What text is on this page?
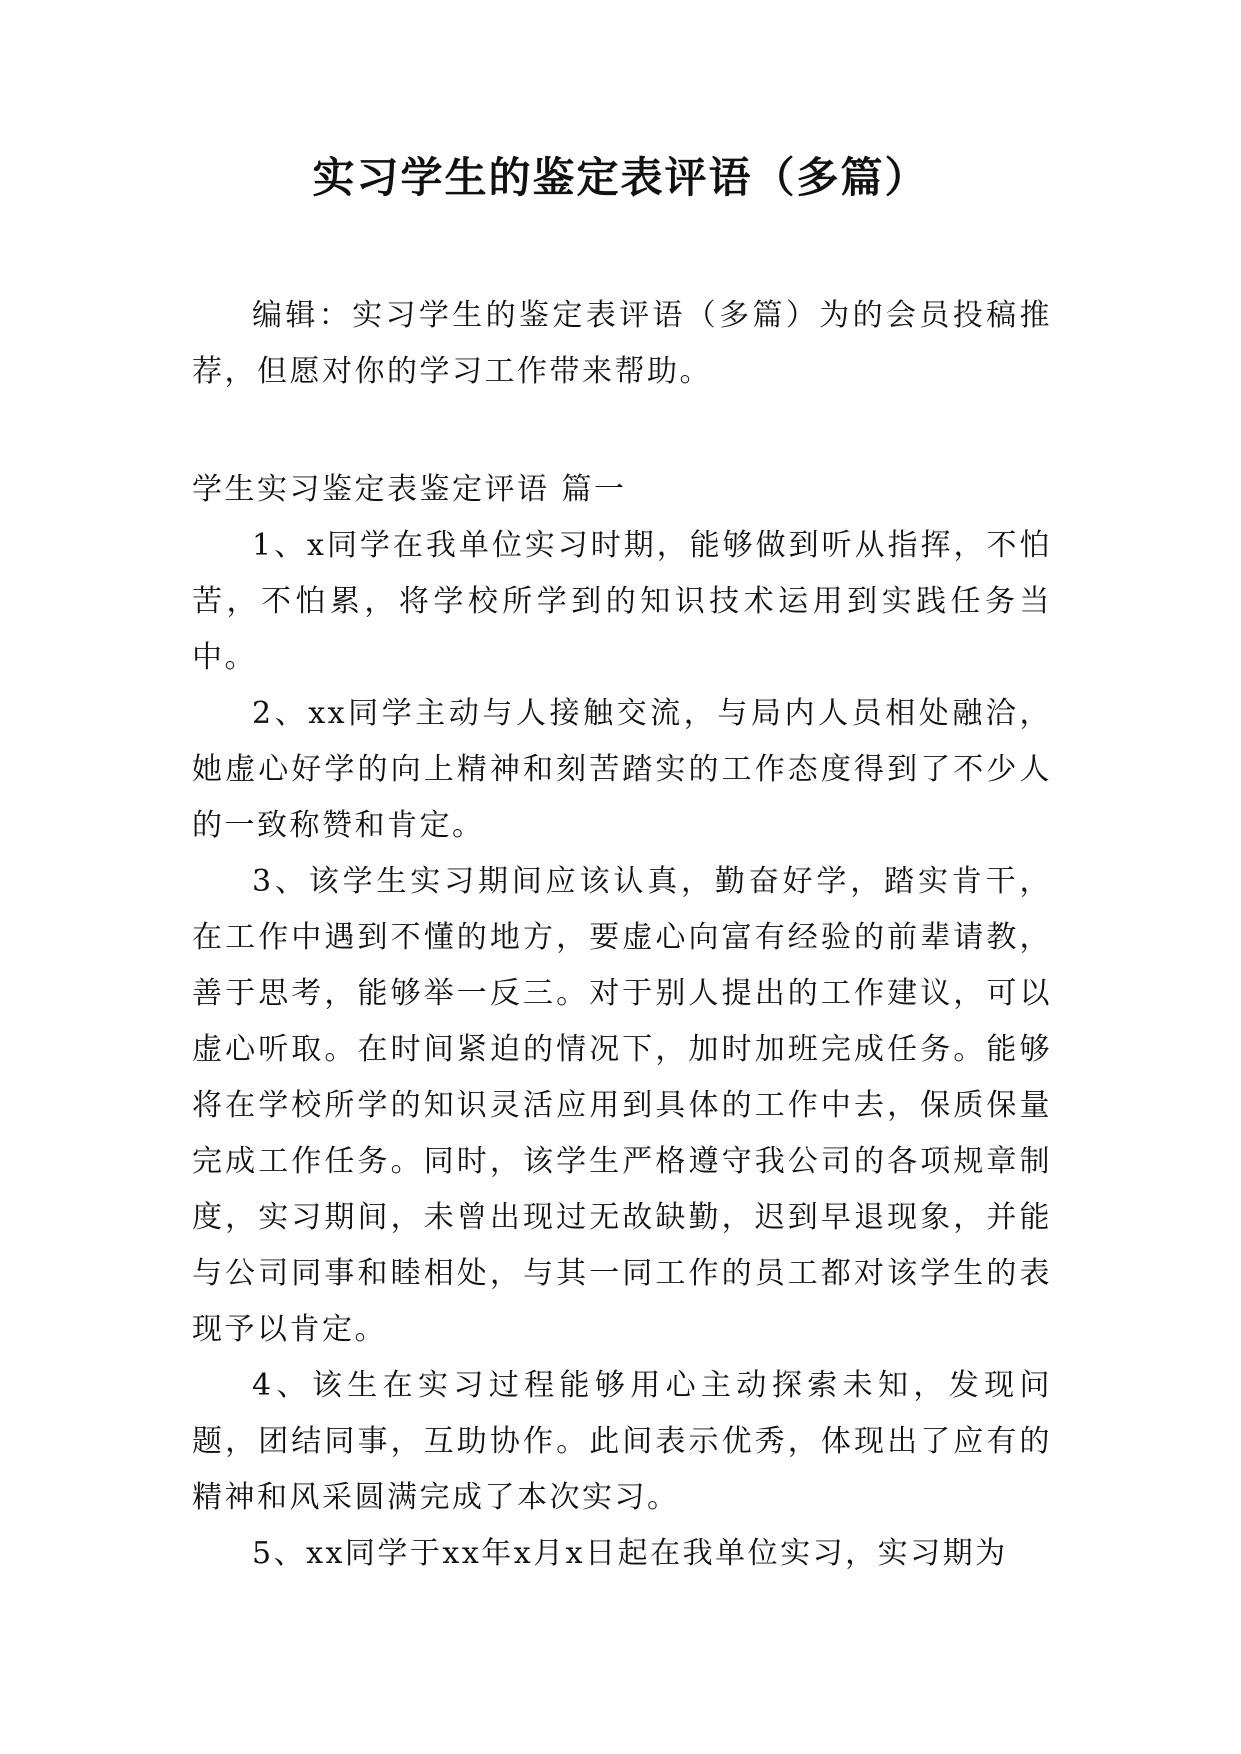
实习学生的鉴定表评语（多篇）

编辑：实习学生的鉴定表评语（多篇）为的会员投稿推荐，但愿对你的学习工作带来帮助。

学生实习鉴定表鉴定评语 篇一

1、x同学在我单位实习时期，能够做到听从指挥，不怕苦，不怕累，将学校所学到的知识技术运用到实践任务当中。

2、xx同学主动与人接触交流，与局内人员相处融洽，她虚心好学的向上精神和刻苦踏实的工作态度得到了不少人的一致称赞和肯定。

3、该学生实习期间应该认真，勤奋好学，踏实肯干，在工作中遇到不懂的地方，要虚心向富有经验的前辈请教，善于思考，能够举一反三。对于别人提出的工作建议，可以虚心听取。在时间紧迫的情况下，加时加班完成任务。能够将在学校所学的知识灵活应用到具体的工作中去，保质保量完成工作任务。同时，该学生严格遵守我公司的各项规章制度，实习期间，未曾出现过无故缺勤，迟到早退现象，并能与公司同事和睦相处，与其一同工作的员工都对该学生的表现予以肯定。

4、该生在实习过程能够用心主动探索未知，发现问题，团结同事，互助协作。此间表示优秀，体现出了应有的精神和风采圆满完成了本次实习。

5、xx同学于xx年x月x日起在我单位实习，实习期为
